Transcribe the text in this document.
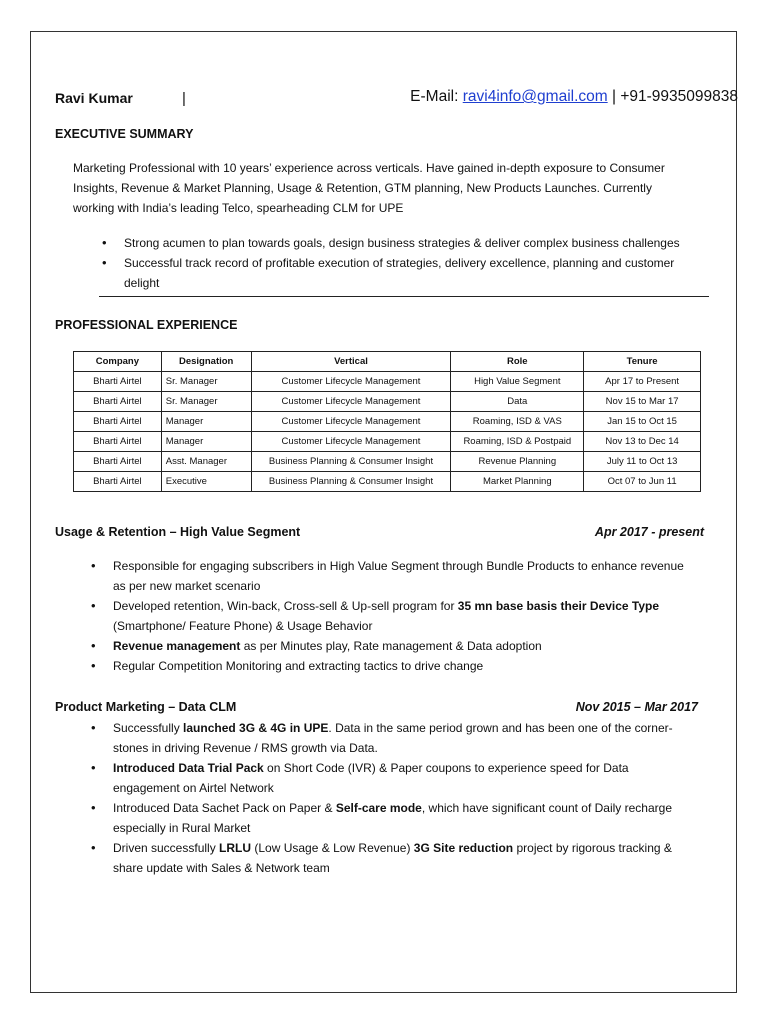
Ravi Kumar	|	E-Mail: ravi4info@gmail.com | +91-9935099838
EXECUTIVE SUMMARY
Marketing Professional with 10 years’ experience across verticals. Have gained in-depth exposure to Consumer
Insights, Revenue & Market Planning, Usage & Retention, GTM planning, New Products Launches. Currently
working with India’s leading Telco, spearheading CLM for UPE
• Strong acumen to plan towards goals, design business strategies & deliver complex business challenges
• Successful track record of profitable execution of strategies, delivery excellence, planning and customer delight
PROFESSIONAL EXPERIENCE
Company	Designation	Vertical	Role	Tenure
Bharti Airtel	Sr. Manager	Customer Lifecycle Management	High Value Segment	Apr 17 to Present
Bharti Airtel	Sr. Manager	Customer Lifecycle Management	Data	Nov 15 to Mar 17
Bharti Airtel	Manager	Customer Lifecycle Management	Roaming, ISD & VAS	Jan 15 to Oct 15
Bharti Airtel	Manager	Customer Lifecycle Management	Roaming, ISD & Postpaid	Nov 13 to Dec 14
Bharti Airtel	Asst. Manager	Business Planning & Consumer Insight	Revenue Planning	July 11 to Oct 13
Bharti Airtel	Executive	Business Planning & Consumer Insight	Market Planning	Oct 07 to Jun 11
Usage & Retention – High Value Segment	Apr 2017 - present
• Responsible for engaging subscribers in High Value Segment through Bundle Products to enhance revenue as per new market scenario
• Developed retention, Win-back, Cross-sell & Up-sell program for 35 mn base basis their Device Type (Smartphone/ Feature Phone) & Usage Behavior
• Revenue management as per Minutes play, Rate management & Data adoption
• Regular Competition Monitoring and extracting tactics to drive change
Product Marketing – Data CLM	Nov 2015 – Mar 2017
• Successfully launched 3G & 4G in UPE. Data in the same period grown and has been one of the corner-stones in driving Revenue / RMS growth via Data.
• Introduced Data Trial Pack on Short Code (IVR) & Paper coupons to experience speed for Data engagement on Airtel Network
• Introduced Data Sachet Pack on Paper & Self-care mode, which have significant count of Daily recharge especially in Rural Market
• Driven successfully LRLU (Low Usage & Low Revenue) 3G Site reduction project by rigorous tracking & share update with Sales & Network team
